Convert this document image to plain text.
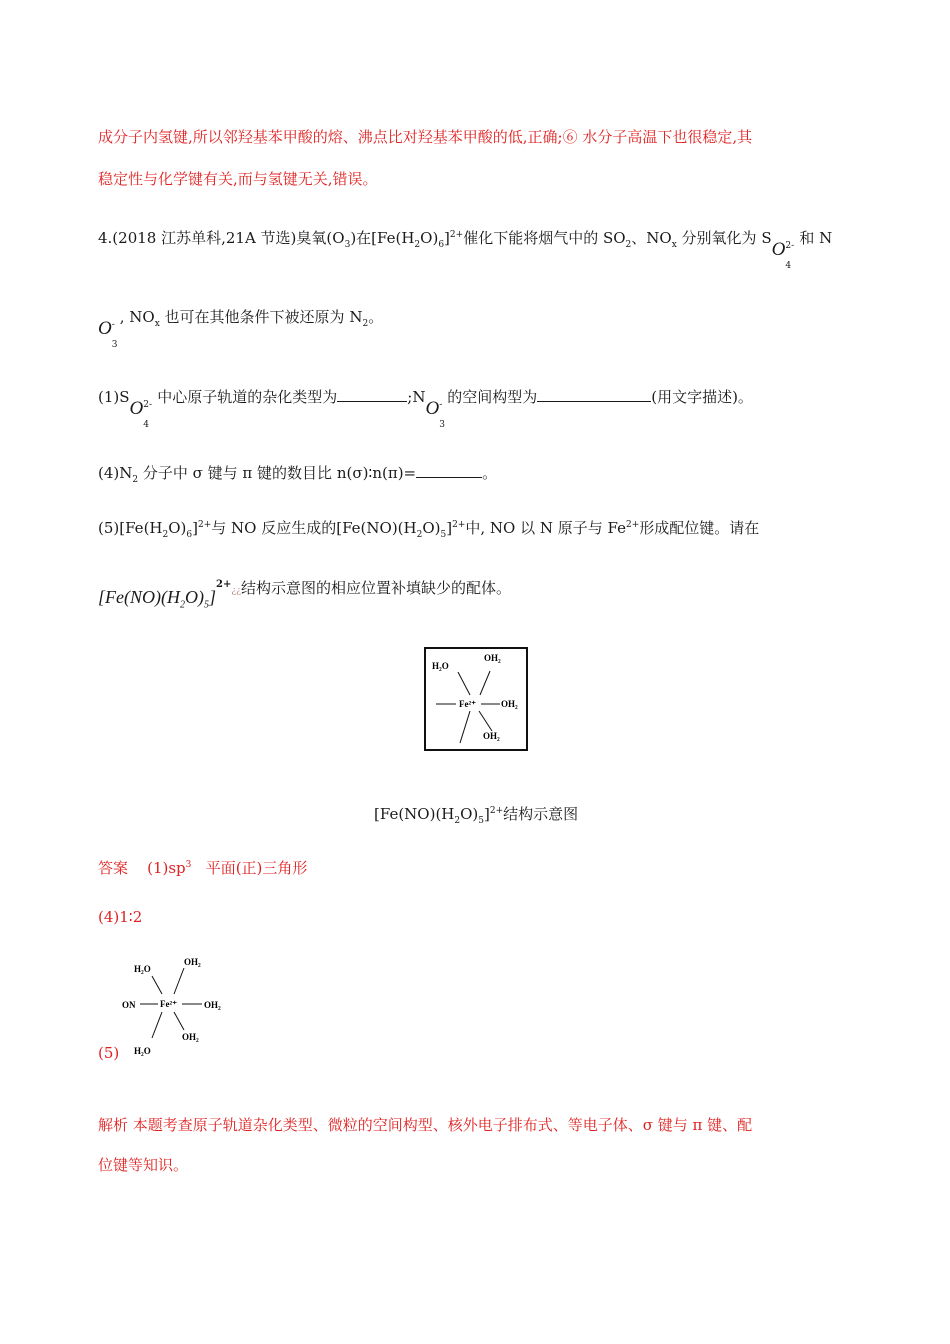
成分子内氢键,所以邻羟基苯甲酸的熔、沸点比对羟基苯甲酸的低,正确;⑥ 水分子高温下也很稳定,其
稳定性与化学键有关,而与氢键无关,错误。
4.(2018 江苏单科,21A 节选)臭氧$(O_3)$在$[Fe(H_2O)_6]^{2+}$催化下能将烟气中的 $SO_2$、$NO_x$ 分别氧化为 SO 2-
4
和 N
O -
3
, $NO_x$ 也可在其他条件下被还原为 $N_2$。
(1)SO 2-
4
中心原子轨道的杂化类型为	;NO -
3
的空间构型为	(用文字描述)。
$(4)N_2$ 分子中 σ 键与 π 键的数目比 n(σ)∶n(π)=	。
$(5)[Fe(H_2O)_6]^{2+}$与 NO 反应生成的$[Fe(NO)(H_2O)_5]^{2+}$中, NO 以 N 原子与 $Fe^{2+}$形成配位键。请在
$[Fe(NO)(H_2O)_5]^{2+}¿¿$结构示意图的相应位置补填缺少的配体。
H₂O
OH₂
Fe²⁺	OH₂
OH₂
$[Fe(NO)(H_2O)_5]^{2+}$结构示意图
答案 $(1)sp^3$ 平面(正)三角形
(4)1∶2
H₂O
OH₂
ON	Fe²⁺	OH₂
OH₂
H₂O
(5)
解析 本题考查原子轨道杂化类型、微粒的空间构型、核外电子排布式、等电子体、σ 键与 π 键、配
位键等知识。
